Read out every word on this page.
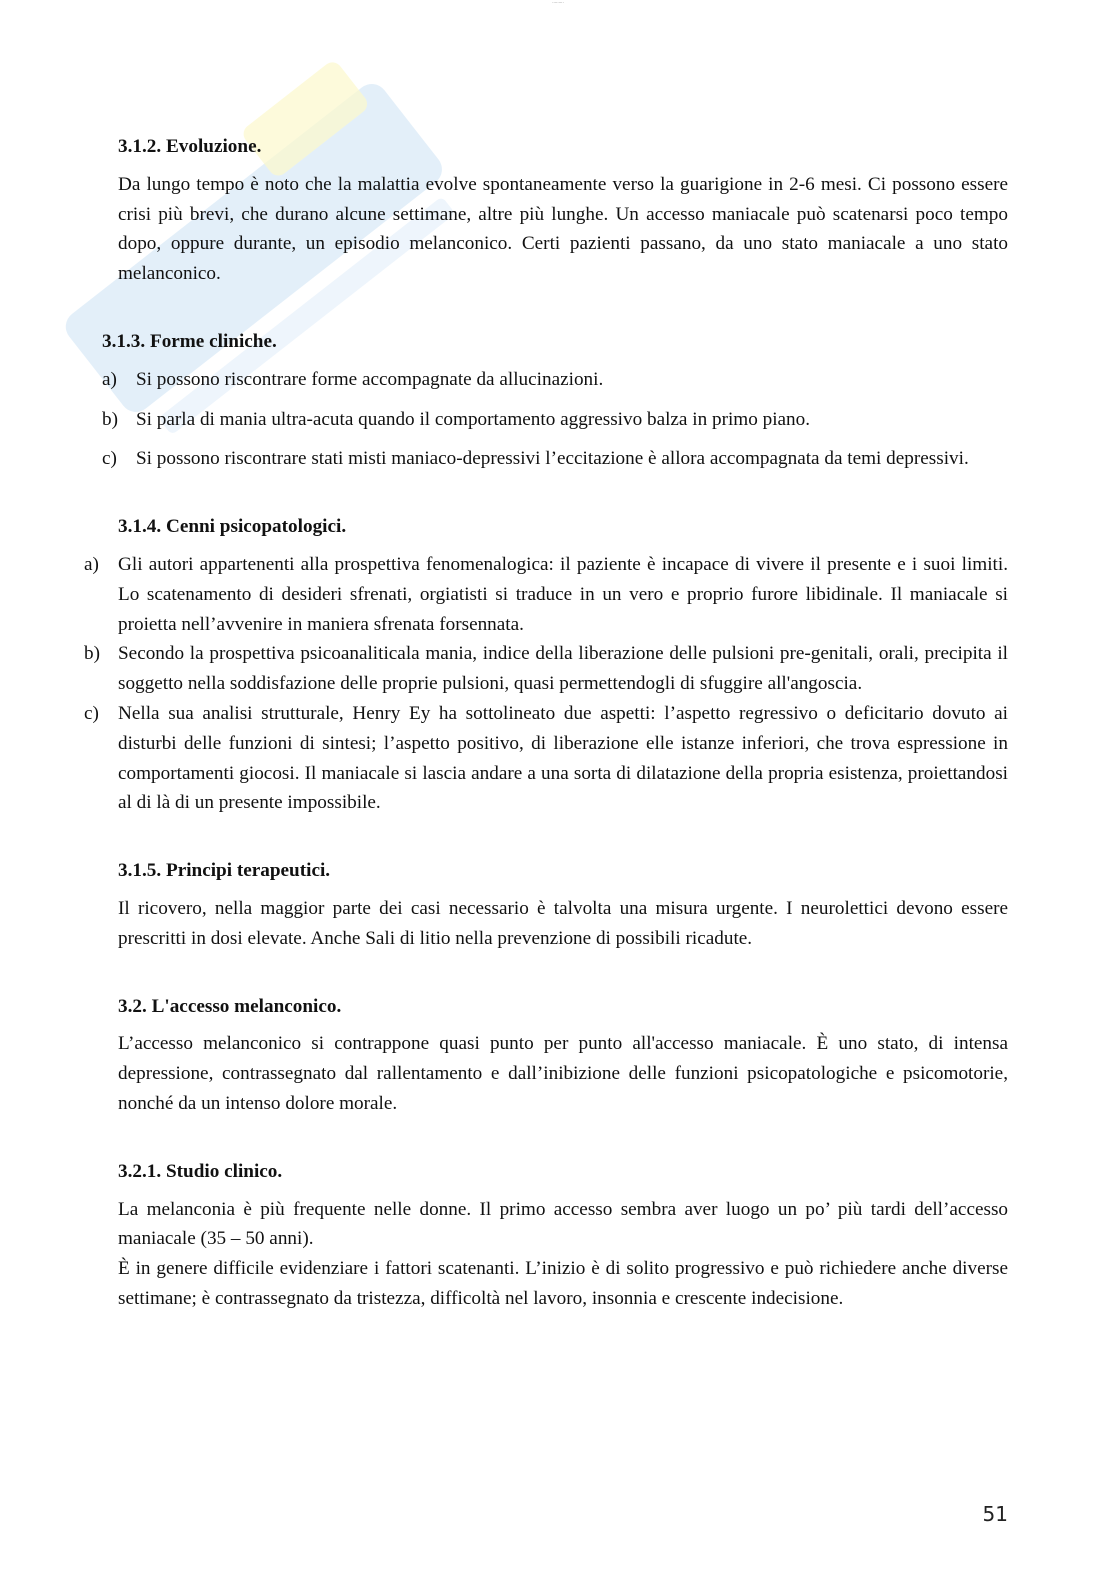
·········
3.1.2. Evoluzione.

Da lungo tempo è noto che la malattia evolve spontaneamente verso la guarigione in 2-6 mesi. Ci possono essere crisi più brevi, che durano alcune settimane, altre più lunghe. Un accesso maniacale può scatenarsi poco tempo dopo, oppure durante, un episodio melanconico. Certi pazienti passano, da uno stato maniacale a uno stato melanconico.

3.1.3. Forme cliniche.
a) Si possono riscontrare forme accompagnate da allucinazioni.
b) Si parla di mania ultra-acuta quando il comportamento aggressivo balza in primo piano.
c) Si possono riscontrare stati misti maniaco-depressivi l’eccitazione è allora accompagnata da temi depressivi.
3.1.4. Cenni psicopatologici.
a) Gli autori appartenenti alla prospettiva fenomenalogica: il paziente è incapace di vivere il presente e i suoi limiti. Lo scatenamento di desideri sfrenati, orgiatisti si traduce in un vero e proprio furore libidinale. Il maniacale si proietta nell’avvenire in maniera sfrenata forsennata.
b) Secondo la prospettiva psicoanaliticala mania, indice della liberazione delle pulsioni pre-genitali, orali, precipita il soggetto nella soddisfazione delle proprie pulsioni, quasi permettendogli di sfuggire all'angoscia.
c) Nella sua analisi strutturale, Henry Ey ha sottolineato due aspetti: l’aspetto regressivo o deficitario dovuto ai disturbi delle funzioni di sintesi; l’aspetto positivo, di liberazione elle istanze inferiori, che trova espressione in comportamenti giocosi. Il maniacale si lascia andare a una sorta di dilatazione della propria esistenza, proiettandosi al di là di un presente impossibile.
3.1.5. Principi terapeutici.

Il ricovero, nella maggior parte dei casi necessario è talvolta una misura urgente. I neurolettici devono essere prescritti in dosi elevate. Anche Sali di litio nella prevenzione di possibili ricadute.

3.2. L'accesso melanconico.

L’accesso melanconico si contrappone quasi punto per punto all'accesso maniacale. È uno stato, di intensa depressione, contrassegnato dal rallentamento e dall’inibizione delle funzioni psicopatologiche e psicomotorie, nonché da un intenso dolore morale.

3.2.1. Studio clinico.

La melanconia è più frequente nelle donne. Il primo accesso sembra aver luogo un po’ più tardi dell’accesso maniacale (35 – 50 anni).

È in genere difficile evidenziare i fattori scatenanti. L’inizio è di solito progressivo e può richiedere anche diverse settimane; è contrassegnato da tristezza, difficoltà nel lavoro, insonnia e crescente indecisione.

51
